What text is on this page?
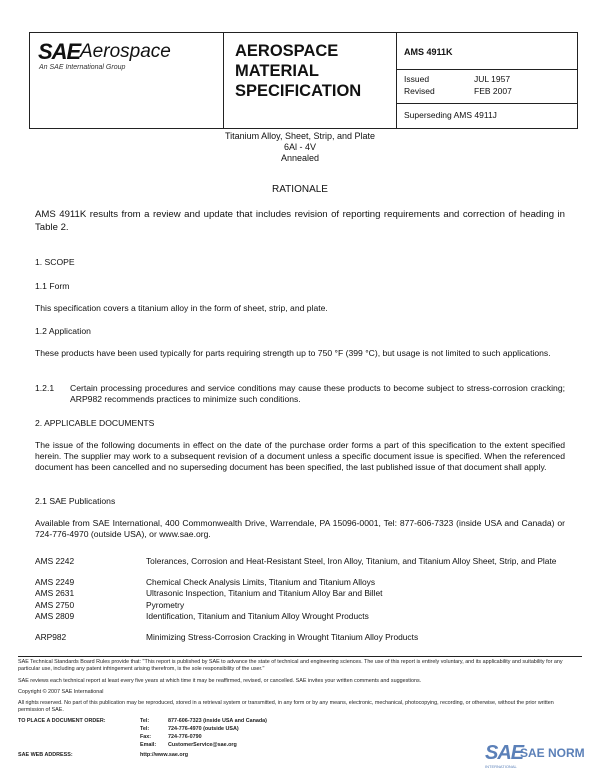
SAE Aerospace
An SAE International Group
AEROSPACE
MATERIAL
SPECIFICATION
AMS 4911K
Issued	JUL 1957
Revised	FEB 2007
Superseding AMS 4911J
Titanium Alloy, Sheet, Strip, and Plate
6Al - 4V
Annealed
RATIONALE
AMS 4911K results from a review and update that includes revision of reporting requirements and correction of heading in Table 2.
1. SCOPE
1.1 Form
This specification covers a titanium alloy in the form of sheet, strip, and plate.
1.2 Application
These products have been used typically for parts requiring strength up to 750 °F (399 °C), but usage is not limited to such applications.
1.2.1 Certain processing procedures and service conditions may cause these products to become subject to stress-corrosion cracking; ARP982 recommends practices to minimize such conditions.
2. APPLICABLE DOCUMENTS
The issue of the following documents in effect on the date of the purchase order forms a part of this specification to the extent specified herein. The supplier may work to a subsequent revision of a document unless a specific document issue is specified. When the referenced document has been cancelled and no superseding document has been specified, the last published issue of that document shall apply.
2.1 SAE Publications
Available from SAE International, 400 Commonwealth Drive, Warrendale, PA 15096-0001, Tel: 877-606-7323 (inside USA and Canada) or 724-776-4970 (outside USA), or www.sae.org.
AMS 2242	Tolerances, Corrosion and Heat-Resistant Steel, Iron Alloy, Titanium, and Titanium Alloy Sheet, Strip, and Plate
AMS 2249	Chemical Check Analysis Limits, Titanium and Titanium Alloys
AMS 2631	Ultrasonic Inspection, Titanium and Titanium Alloy Bar and Billet
AMS 2750	Pyrometry
AMS 2809	Identification, Titanium and Titanium Alloy Wrought Products
ARP982	Minimizing Stress-Corrosion Cracking in Wrought Titanium Alloy Products
SAE Technical Standards Board Rules provide that: "This report is published by SAE to advance the state of technical and engineering sciences. The use of this report is entirely voluntary, and its applicability and suitability for any particular use, including any patent infringement arising therefrom, is the sole responsibility of the user."
SAE reviews each technical report at least every five years at which time it may be reaffirmed, revised, or cancelled. SAE invites your written comments and suggestions.
Copyright © 2007 SAE International
All rights reserved. No part of this publication may be reproduced, stored in a retrieval system or transmitted, in any form or by any means, electronic, mechanical, photocopying, recording, or otherwise, without the prior written permission of SAE.
TO PLACE A DOCUMENT ORDER:	Tel:	877-606-7323 (inside USA and Canada)
Tel:	724-776-4970 (outside USA)
Fax:	724-776-0790
Email:	CustomerService@sae.org
SAE WEB ADDRESS:	http://www.sae.org	SAE
SAE NORM
INTERNATIONAL
